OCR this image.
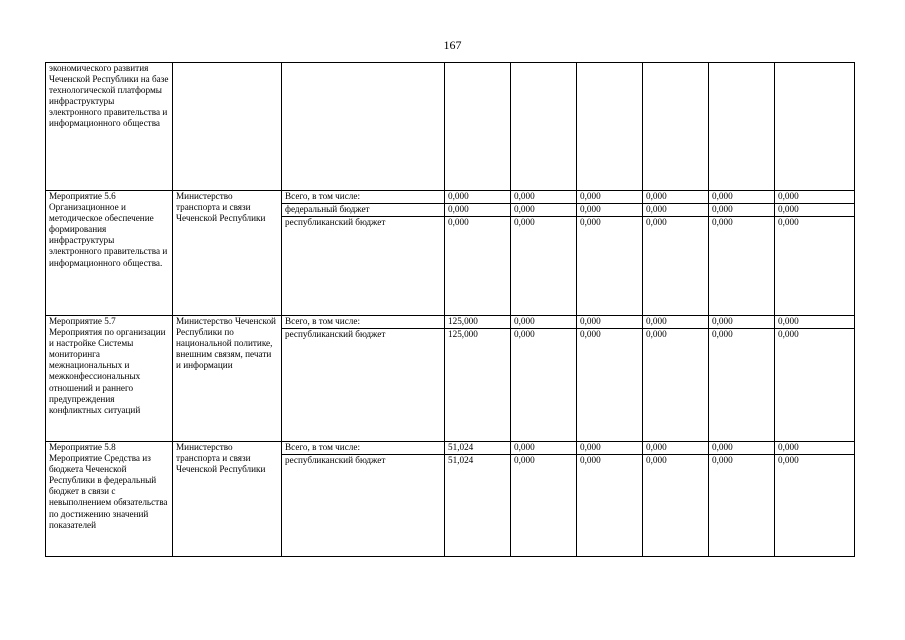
167
экономического развития Чеченской Республики на базе технологической платформы инфраструктуры электронного правительства и информационного общества								
Мероприятие 5.6 Организационное и методическое обеспечение формирования инфраструктуры электронного правительства и информационного общества.	Министерство транспорта и связи Чеченской Республики	Всего, в том числе:	0,000	0,000	0,000	0,000	0,000	0,000
		федеральный бюджет	0,000	0,000	0,000	0,000	0,000	0,000
		республиканский бюджет	0,000	0,000	0,000	0,000	0,000	0,000
Мероприятие 5.7 Мероприятия по организации и настройке Системы мониторинга межнациональных и межконфессиональных отношений и раннего предупреждения конфликтных ситуаций	Министерство Чеченской Республики по национальной политике, внешним связям, печати и информации	Всего, в том числе:	125,000	0,000	0,000	0,000	0,000	0,000
		республиканский бюджет	125,000	0,000	0,000	0,000	0,000	0,000
Мероприятие 5.8 Мероприятие Средства из бюджета Чеченской Республики в федеральный бюджет в связи с невыполнением обязательства по достижению значений показателей	Министерство транспорта и связи Чеченской Республики	Всего, в том числе:	51,024	0,000	0,000	0,000	0,000	0,000
		республиканский бюджет	51,024	0,000	0,000	0,000	0,000	0,000
